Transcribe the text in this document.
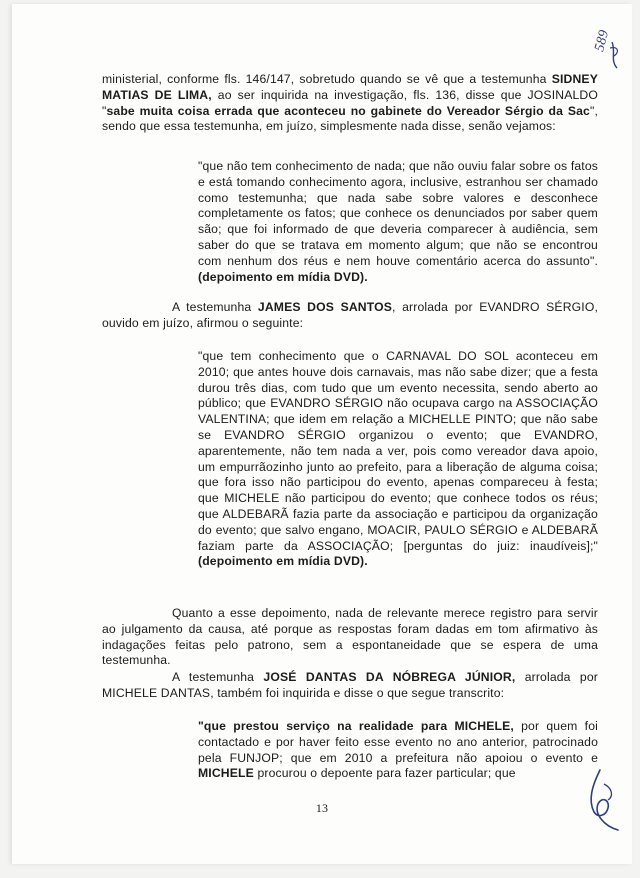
589
ministerial, conforme fls. 146/147, sobretudo quando se vê que a testemunha SIDNEY MATIAS DE LIMA, ao ser inquirida na investigação, fls. 136, disse que JOSINALDO "sabe muita coisa errada que aconteceu no gabinete do Vereador Sérgio da Sac", sendo que essa testemunha, em juízo, simplesmente nada disse, senão vejamos:
"que não tem conhecimento de nada; que não ouviu falar sobre os fatos e está tomando conhecimento agora, inclusive, estranhou ser chamado como testemunha; que nada sabe sobre valores e desconhece completamente os fatos; que conhece os denunciados por saber quem são; que foi informado de que deveria comparecer à audiência, sem saber do que se tratava em momento algum; que não se encontrou com nenhum dos réus e nem houve comentário acerca do assunto". (depoimento em mídia DVD).
A testemunha JAMES DOS SANTOS, arrolada por EVANDRO SÉRGIO, ouvido em juízo, afirmou o seguinte:
"que tem conhecimento que o CARNAVAL DO SOL aconteceu em 2010; que antes houve dois carnavais, mas não sabe dizer; que a festa durou três dias, com tudo que um evento necessita, sendo aberto ao público; que EVANDRO SÉRGIO não ocupava cargo na ASSOCIAÇÃO VALENTINA; que idem em relação a MICHELLE PINTO; que não sabe se EVANDRO SÉRGIO organizou o evento; que EVANDRO, aparentemente, não tem nada a ver, pois como vereador dava apoio, um empurrãozinho junto ao prefeito, para a liberação de alguma coisa; que fora isso não participou do evento, apenas compareceu à festa; que MICHELE não participou do evento; que conhece todos os réus; que ALDEBARÃ fazia parte da associação e participou da organização do evento; que salvo engano, MOACIR, PAULO SÉRGIO e ALDEBARÃ faziam parte da ASSOCIAÇÃO; [perguntas do juiz: inaudíveis];" (depoimento em mídia DVD).
Quanto a esse depoimento, nada de relevante merece registro para servir ao julgamento da causa, até porque as respostas foram dadas em tom afirmativo às indagações feitas pelo patrono, sem a espontaneidade que se espera de uma testemunha.
A testemunha JOSÉ DANTAS DA NÓBREGA JÚNIOR, arrolada por MICHELE DANTAS, também foi inquirida e disse o que segue transcrito:
"que prestou serviço na realidade para MICHELE, por quem foi contactado e por haver feito esse evento no ano anterior, patrocinado pela FUNJOP; que em 2010 a prefeitura não apoiou o evento e MICHELE procurou o depoente para fazer particular; que
13
